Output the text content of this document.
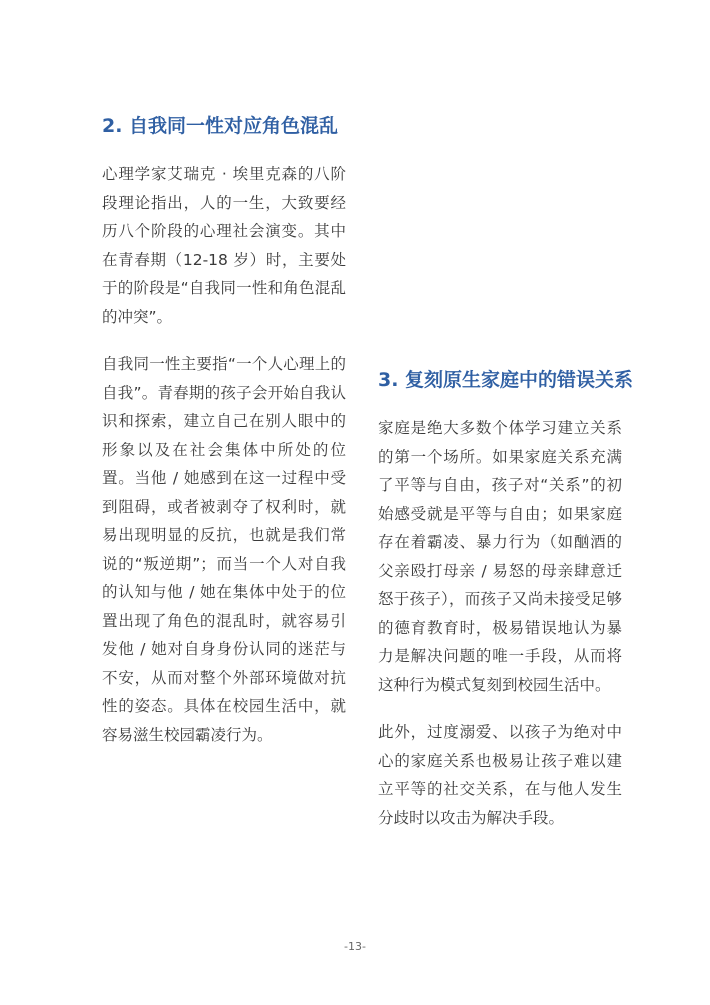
2. 自我同一性对应角色混乱

心理学家艾瑞克 · 埃里克森的八阶段理论指出，人的一生，大致要经历八个阶段的心理社会演变。其中在青春期（12-18 岁）时，主要处于的阶段是“自我同一性和角色混乱的冲突”。

自我同一性主要指“一个人心理上的自我”。青春期的孩子会开始自我认识和探索，建立自己在别人眼中的形象以及在社会集体中所处的位置。当他 / 她感到在这一过程中受到阻碍，或者被剥夺了权利时，就易出现明显的反抗，也就是我们常说的“叛逆期”；而当一个人对自我的认知与他 / 她在集体中处于的位置出现了角色的混乱时，就容易引发他 / 她对自身身份认同的迷茫与不安，从而对整个外部环境做对抗性的姿态。具体在校园生活中，就容易滋生校园霸凌行为。

3. 复刻原生家庭中的错误关系

家庭是绝大多数个体学习建立关系的第一个场所。如果家庭关系充满了平等与自由，孩子对“关系”的初始感受就是平等与自由；如果家庭存在着霸凌、暴力行为（如酗酒的父亲殴打母亲 / 易怒的母亲肆意迁怒于孩子），而孩子又尚未接受足够的德育教育时，极易错误地认为暴力是解决问题的唯一手段，从而将这种行为模式复刻到校园生活中。

此外，过度溺爱、以孩子为绝对中心的家庭关系也极易让孩子难以建立平等的社交关系，在与他人发生分歧时以攻击为解决手段。

-13-
